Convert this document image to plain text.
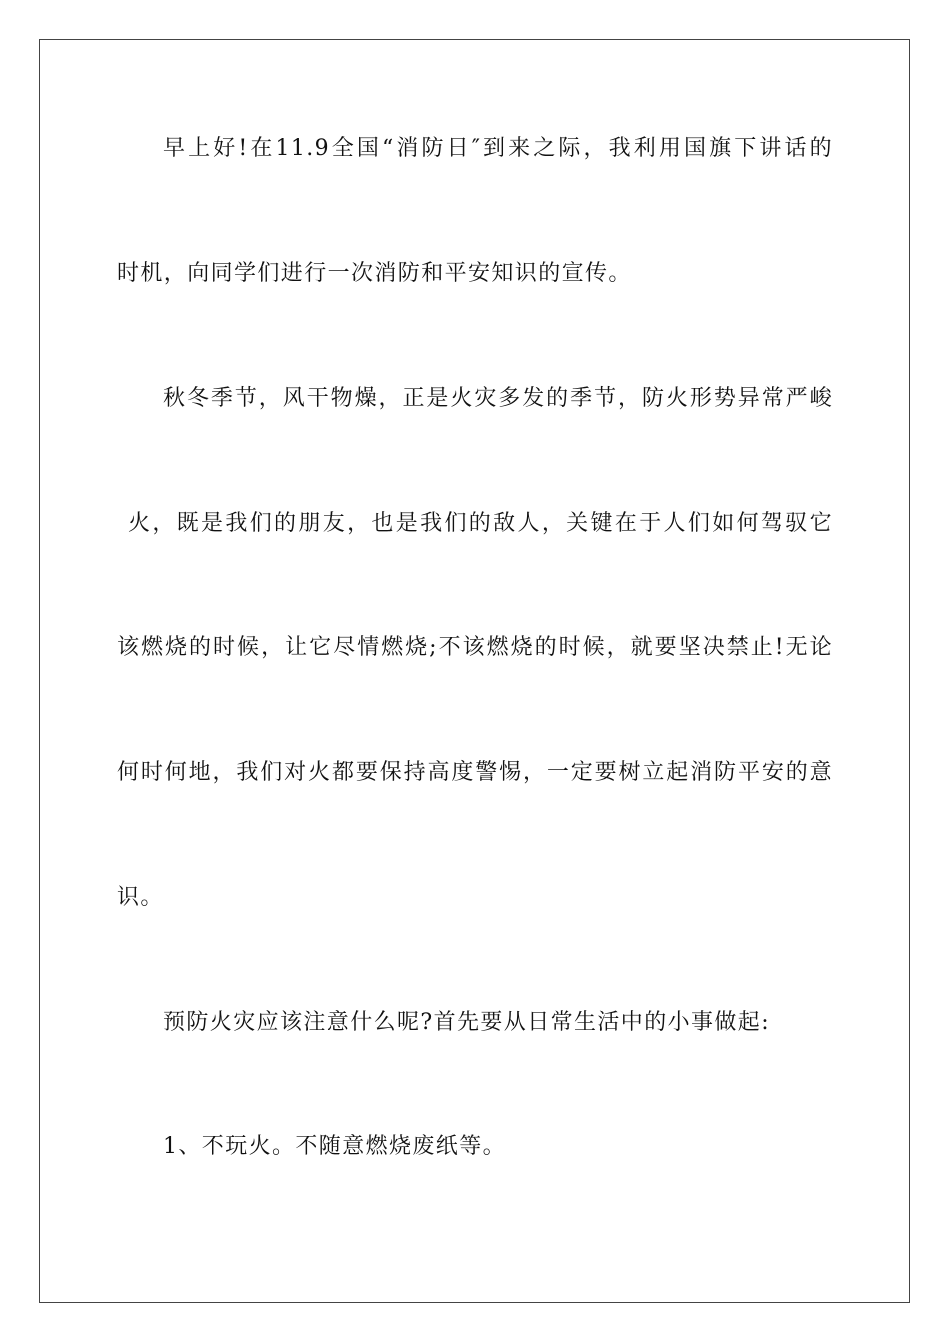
早上好!在11.9全国“消防日″到来之际，我利用国旗下讲话的
时机，向同学们进行一次消防和平安知识的宣传。
秋冬季节，风干物燥，正是火灾多发的季节，防火形势异常严峻
火，既是我们的朋友，也是我们的敌人，关键在于人们如何驾驭它
该燃烧的时候，让它尽情燃烧;不该燃烧的时候，就要坚决禁止!无论
何时何地，我们对火都要保持高度警惕，一定要树立起消防平安的意
识。
预防火灾应该注意什么呢?首先要从日常生活中的小事做起:
1、不玩火。不随意燃烧废纸等。
